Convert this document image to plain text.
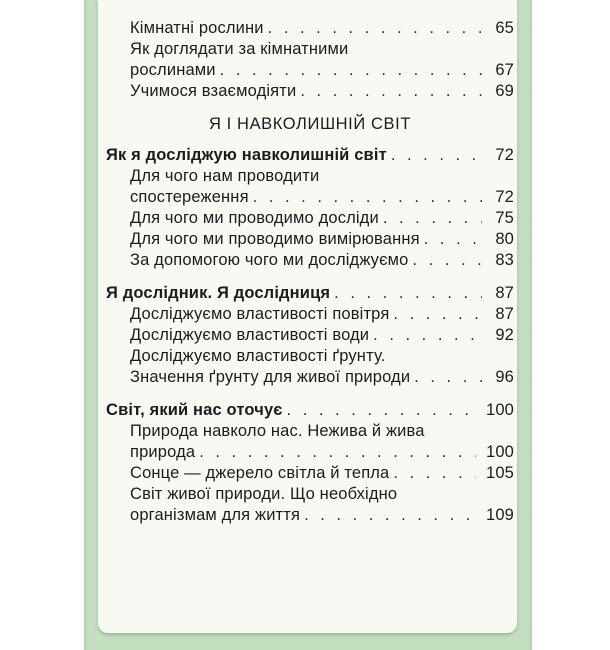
Кімнатні рослини . . .	65
Як доглядати за кімнатними
рослинами . . .	67
Учимося взаємодіяти . . .	69
Я І НАВКОЛИШНІЙ СВІТ
Як я досліджую навколишній світ . . .	72
Для чого нам проводити
спостереження . . .	72
Для чого ми проводимо досліди . . .	75
Для чого ми проводимо вимірювання . . .	80
За допомогою чого ми досліджуємо . . .	83
Я дослідник. Я дослідниця . . .	87
Досліджуємо властивості повітря . . .	87
Досліджуємо властивості води . . .	92
Досліджуємо властивості ґрунту.
Значення ґрунту для живої природи . . .	96
Світ, який нас оточує . . .	100
Природа навколо нас. Нежива й жива
природа . . .	100
Сонце — джерело світла й тепла . . .	105
Світ живої природи. Що необхідно
організмам для життя . . .	109
